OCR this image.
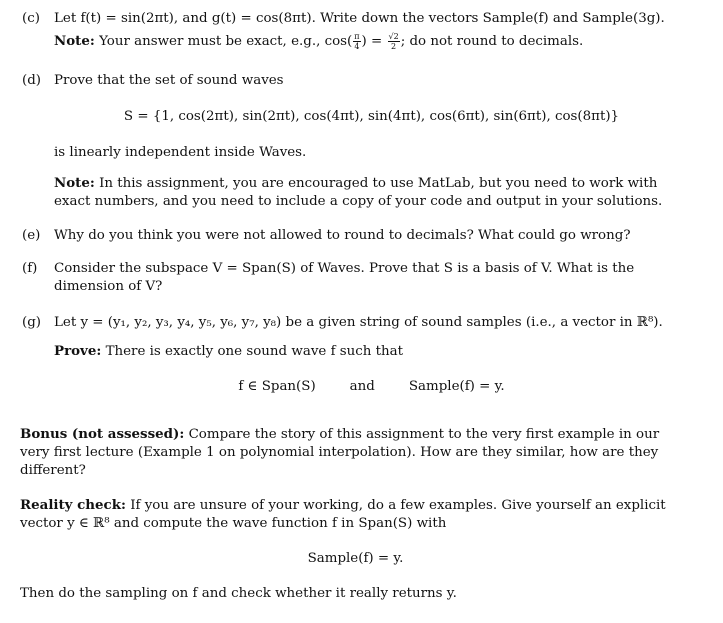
(c) Let f(t) = sin(2πt), and g(t) = cos(8πt). Write down the vectors Sample(f) and Sample(3g).
Note: Your answer must be exact, e.g., $\cos( \frac{\pi}{4}$ ) = $\frac{√2}{2}$ ; do not round to decimals.
(d) Prove that the set of sound waves
S = {1, cos(2πt), sin(2πt), cos(4πt), sin(4πt), cos(6πt), sin(6πt), cos(8πt)}
is linearly independent inside Waves.
Note: In this assignment, you are encouraged to use MatLab, but you need to work with
exact numbers, and you need to include a copy of your code and output in your solutions.
(e) Why do you think you were not allowed to round to decimals? What could go wrong?
(f) Consider the subspace V = Span(S) of Waves. Prove that S is a basis of V. What is the
dimension of V?
(g) Let y = (y₁, y₂, y₃, y₄, y₅, y₆, y₇, y₈) be a given string of sound samples (i.e., a vector in ℝ⁸).
Prove: There is exactly one sound wave f such that
f ∈ Span(S)	and	Sample(f) = y.
Bonus (not assessed): Compare the story of this assignment to the very first example in our
very first lecture (Example 1 on polynomial interpolation). How are they similar, how are they
different?
Reality check: If you are unsure of your working, do a few examples. Give yourself an explicit
vector y ∈ ℝ⁸ and compute the wave function f in Span(S) with
Sample(f) = y.
Then do the sampling on f and check whether it really returns y.
